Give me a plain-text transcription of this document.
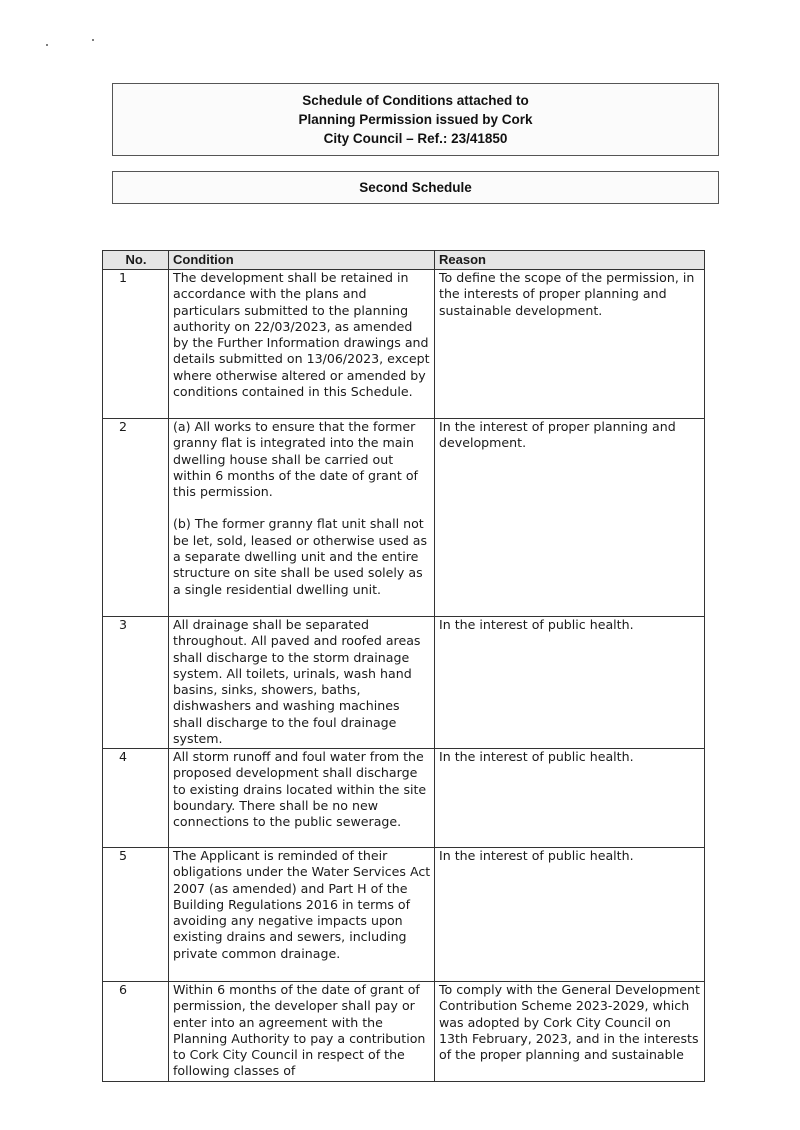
Schedule of Conditions attached to
Planning Permission issued by Cork
City Council – Ref.: 23/41850
Second Schedule
No.	Condition	Reason
1	The development shall be retained in accordance with the plans and particulars submitted to the planning authority on 22/03/2023, as amended by the Further Information drawings and details submitted on 13/06/2023, except where otherwise altered or amended by conditions contained in this Schedule.	To define the scope of the permission, in the interests of proper planning and sustainable development.
2	(a) All works to ensure that the former granny flat is integrated into the main dwelling house shall be carried out within 6 months of the date of grant of this permission.
(b) The former granny flat unit shall not be let, sold, leased or otherwise used as a separate dwelling unit and the entire structure on site shall be used solely as a single residential dwelling unit.	In the interest of proper planning and development.
3	All drainage shall be separated throughout. All paved and roofed areas shall discharge to the storm drainage system. All toilets, urinals, wash hand basins, sinks, showers, baths, dishwashers and washing machines shall discharge to the foul drainage system.	In the interest of public health.
4	All storm runoff and foul water from the proposed development shall discharge to existing drains located within the site boundary. There shall be no new connections to the public sewerage.	In the interest of public health.
5	The Applicant is reminded of their obligations under the Water Services Act 2007 (as amended) and Part H of the Building Regulations 2016 in terms of avoiding any negative impacts upon existing drains and sewers, including private common drainage.	In the interest of public health.
6	Within 6 months of the date of grant of permission, the developer shall pay or enter into an agreement with the Planning Authority to pay a contribution to Cork City Council in respect of the following classes of	To comply with the General Development Contribution Scheme 2023-2029, which was adopted by Cork City Council on 13th February, 2023, and in the interests of the proper planning and sustainable
